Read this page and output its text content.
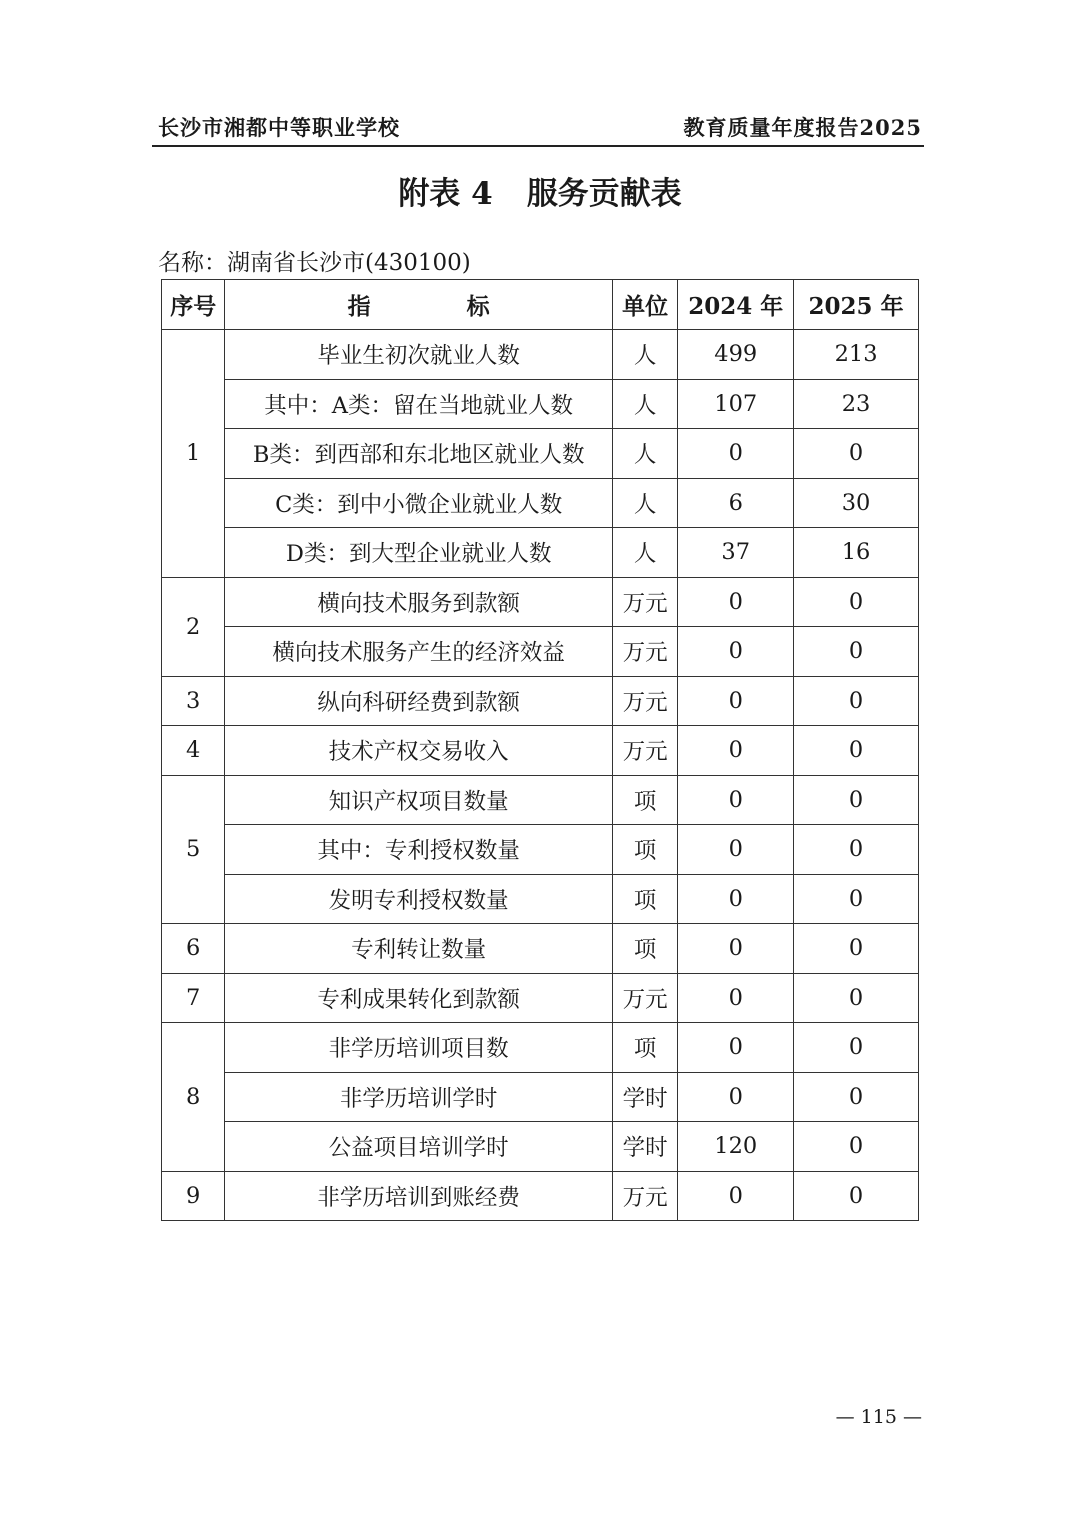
长沙市湘都中等职业学校	教育质量年度报告2025
附表 4 服务贡献表
名称：湖南省长沙市(430100)
序号	指 标	单位	2024 年	2025 年
1	毕业生初次就业人数	人	499	213
	其中：A类：留在当地就业人数	人	107	23
	B类：到西部和东北地区就业人数	人	0	0
	C类：到中小微企业就业人数	人	6	30
	D类：到大型企业就业人数	人	37	16
2	横向技术服务到款额	万元	0	0
	横向技术服务产生的经济效益	万元	0	0
3	纵向科研经费到款额	万元	0	0
4	技术产权交易收入	万元	0	0
5	知识产权项目数量	项	0	0
	其中：专利授权数量	项	0	0
	发明专利授权数量	项	0	0
6	专利转让数量	项	0	0
7	专利成果转化到款额	万元	0	0
8	非学历培训项目数	项	0	0
	非学历培训学时	学时	0	0
	公益项目培训学时	学时	120	0
9	非学历培训到账经费	万元	0	0
— 115 —
